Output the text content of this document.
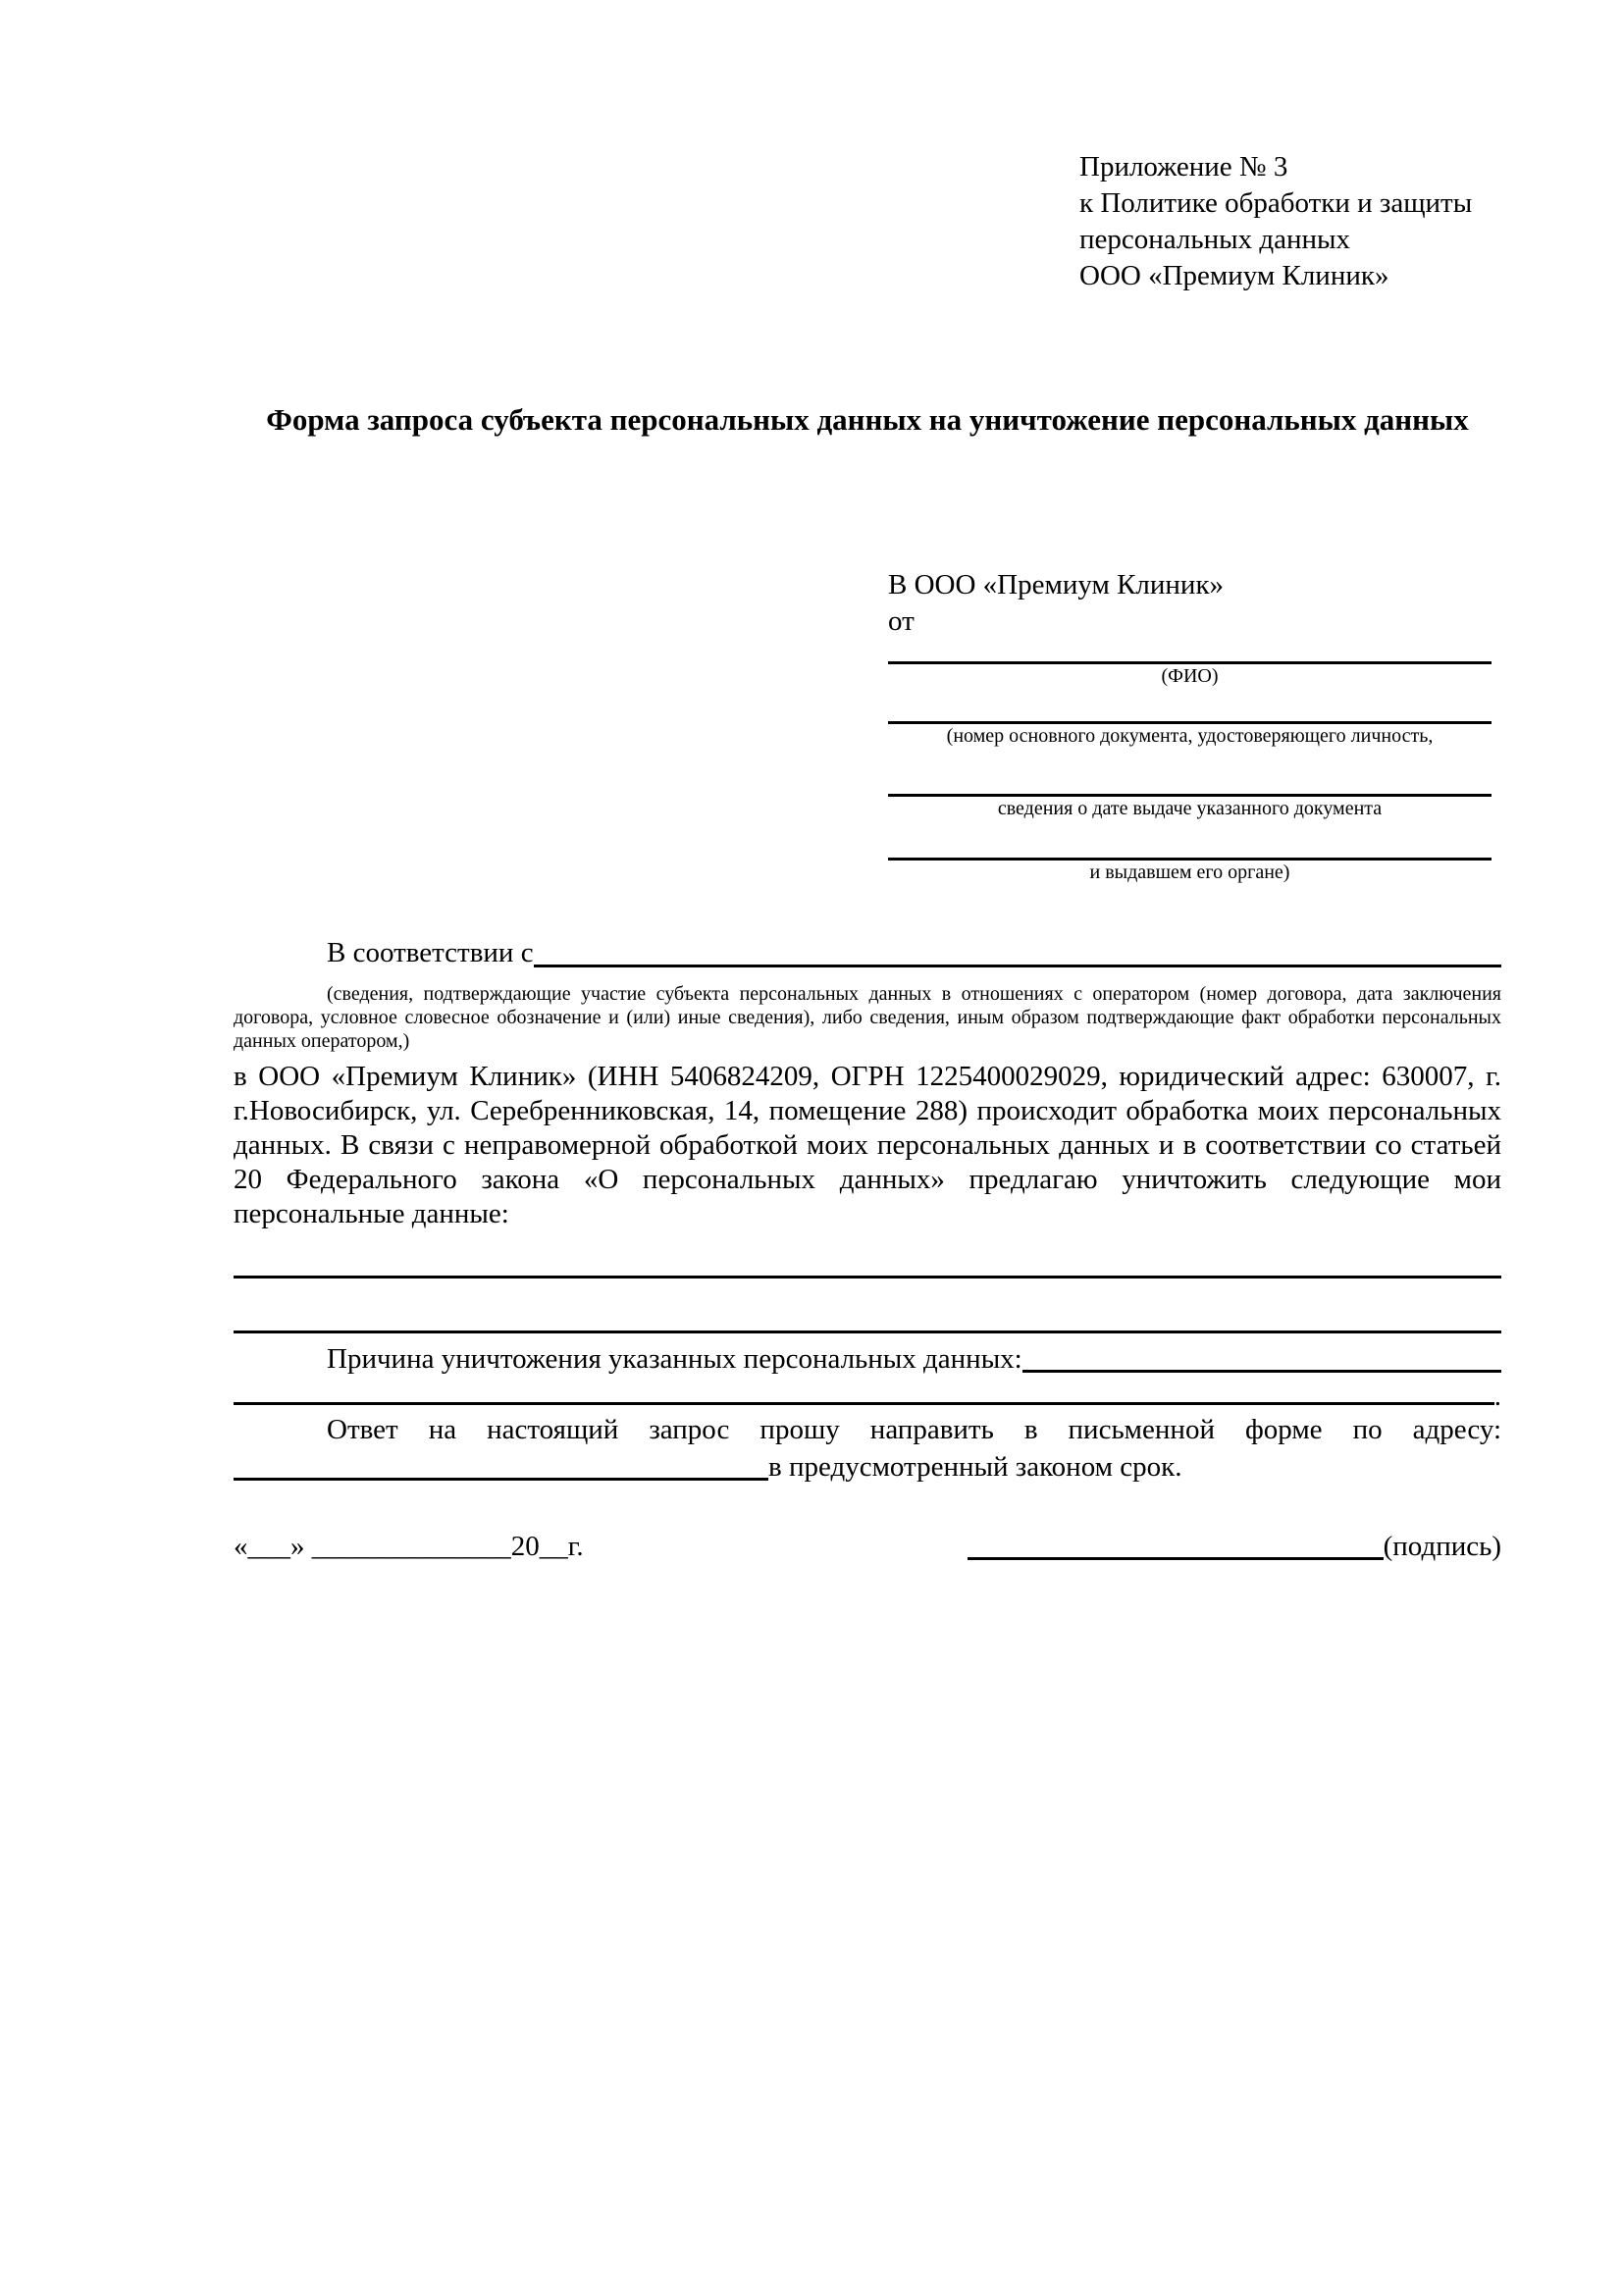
Приложение № 3
к Политике обработки и защиты
персональных данных
ООО «Премиум Клиник»
Форма запроса субъекта персональных данных на уничтожение персональных данных
В ООО «Премиум Клиник»
от
(ФИО)
(номер основного документа, удостоверяющего личность,
сведения о дате выдаче указанного документа
и выдавшем его органе)
В соответствии с
(сведения, подтверждающие участие субъекта персональных данных в отношениях с оператором (номер договора, дата заключения договора, условное словесное обозначение и (или) иные сведения), либо сведения, иным образом подтверждающие факт обработки персональных данных оператором,)
в ООО «Премиум Клиник» (ИНН 5406824209, ОГРН 1225400029029, юридический адрес: 630007, г. г.Новосибирск, ул. Серебренниковская, 14, помещение 288) происходит обработка моих персональных данных. В связи с неправомерной обработкой моих персональных данных и в соответствии со статьей 20 Федерального закона «О персональных данных» предлагаю уничтожить следующие мои персональные данные:
Причина уничтожения указанных персональных данных:
.
Ответ на настоящий запрос прошу направить в письменной форме по адресу:
в предусмотренный законом срок.
«___» ______________20__г.	(подпись)
